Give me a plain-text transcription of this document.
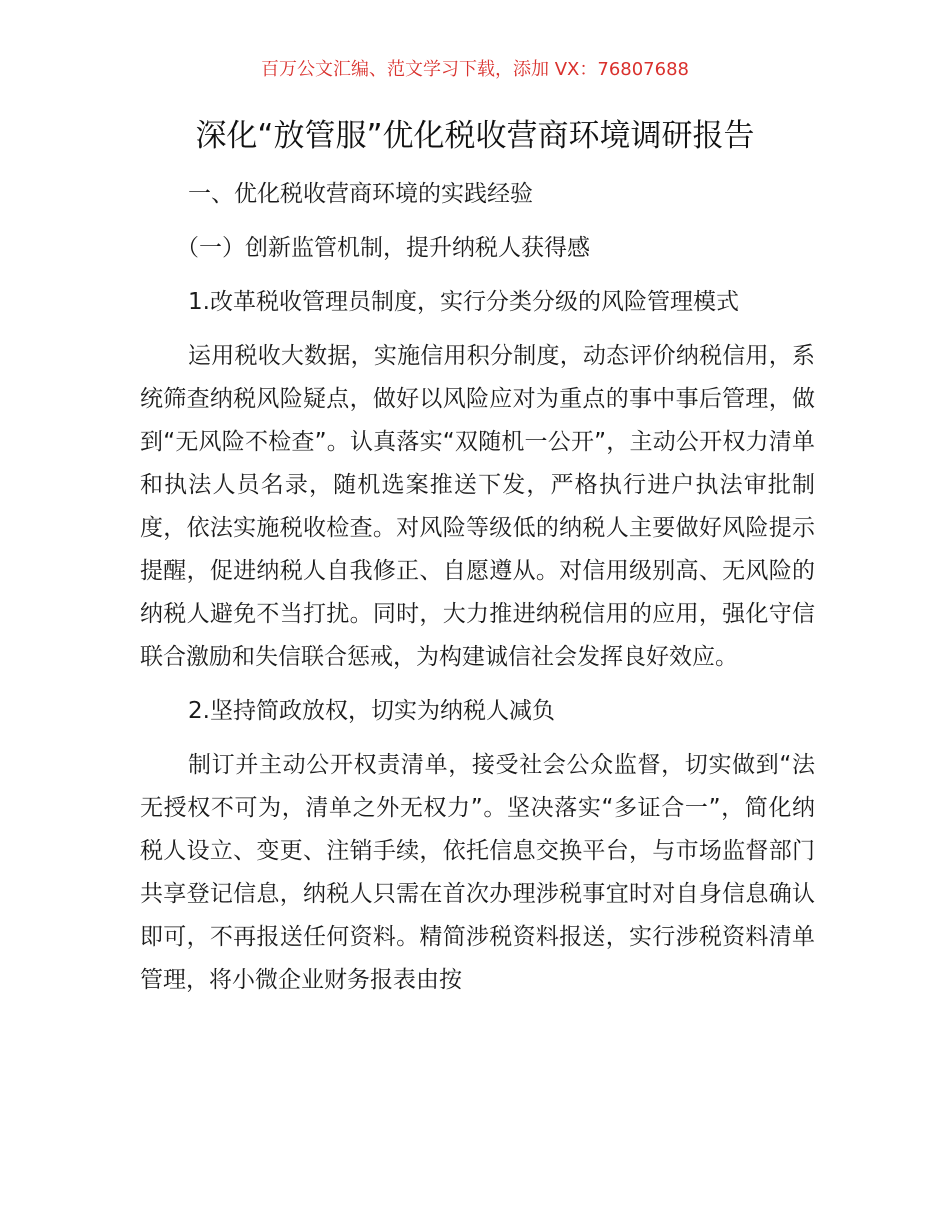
百万公文汇编、范文学习下载，添加 VX：76807688
深化“放管服”优化税收营商环境调研报告

一、优化税收营商环境的实践经验

（一）创新监管机制，提升纳税人获得感

1.改革税收管理员制度，实行分类分级的风险管理模式

运用税收大数据，实施信用积分制度，动态评价纳税信用，系统筛查纳税风险疑点，做好以风险应对为重点的事中事后管理，做到“无风险不检查”。认真落实“双随机一公开”，主动公开权力清单和执法人员名录，随机选案推送下发，严格执行进户执法审批制度，依法实施税收检查。对风险等级低的纳税人主要做好风险提示提醒，促进纳税人自我修正、自愿遵从。对信用级别高、无风险的纳税人避免不当打扰。同时，大力推进纳税信用的应用，强化守信联合激励和失信联合惩戒，为构建诚信社会发挥良好效应。

2.坚持简政放权，切实为纳税人减负

制订并主动公开权责清单，接受社会公众监督，切实做到“法无授权不可为，清单之外无权力”。坚决落实“多证合一”，简化纳税人设立、变更、注销手续，依托信息交换平台，与市场监督部门共享登记信息，纳税人只需在首次办理涉税事宜时对自身信息确认即可，不再报送任何资料。精简涉税资料报送，实行涉税资料清单管理，将小微企业财务报表由按
